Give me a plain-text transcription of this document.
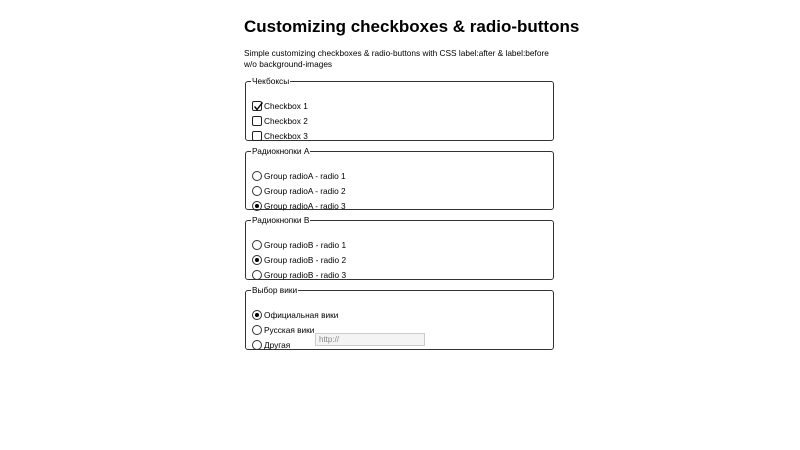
Customizing checkboxes & radio-buttons
Simple customizing checkboxes & radio-buttons with CSS label:after & label:before w/o background-images
Чекбоксы
Checkbox 1
Checkbox 2
Checkbox 3
Радиокнопки А
Group radioA - radio 1
Group radioA - radio 2
Group radioA - radio 3
Радиокнопки B
Group radioB - radio 1
Group radioB - radio 2
Group radioB - radio 3
Выбор вики
Официальная вики
Русская вики
Другая
http://
